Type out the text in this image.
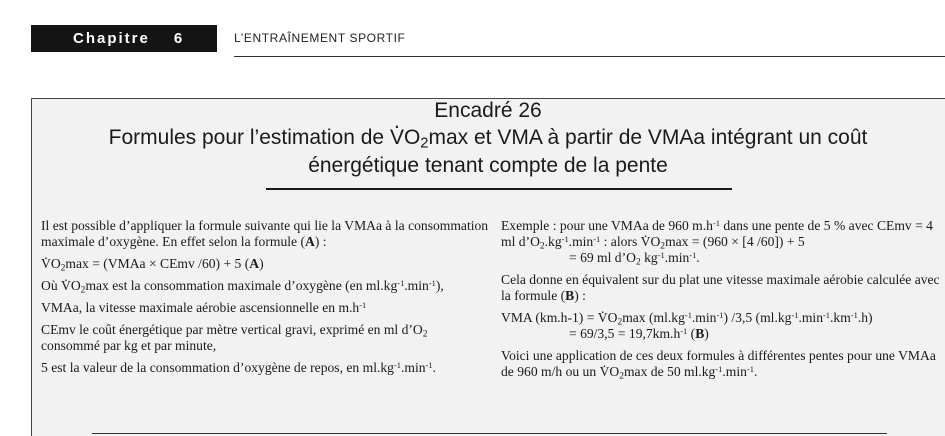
Chapitre 6	L’ENTRAÎNEMENT SPORTIF
Encadré 26
Formules pour l’estimation de . $VO_2\max$ et VMA à partir de VMAa intégrant un coût
énergétique tenant compte de la pente

Il est possible d’appliquer la formule suivante qui lie la VMAa à la consommation maximale d’oxygène. En effet selon la formule (A) :

. $VO_2\max$ = (VMAa × CEmv /60) + 5 (A)

Où . $VO_2\max$ est la consommation maximale d’oxygène (en $ml.kg^{-1}.\min^{-1}$),

VMAa, la vitesse maximale aérobie ascensionnelle en $m.h^{-1}$

CEmv le coût énergétique par mètre vertical gravi, exprimé en ml $d’O_2$ consommé par kg et par minute,

5 est la valeur de la consommation d’oxygène de repos, en $ml.kg^{-1}.\min^{-1}$.

Exemple : pour une VMAa de 960 $m.h^{-1}$ dans une pente de 5 % avec CEmv = 4 ml $d’O_2.kg^{-1}.\min^{-1}$ : alors . $VO_2\max = (960 \times [4$ /60]) + 5
= 69 ml $d’O_2$ $kg^{-1}.\min^{-1}$.

Cela donne en équivalent sur du plat une vitesse maximale aérobie calculée avec la formule (B) :

VMA (km.h-1) = . $VO_2\max$ $(ml.kg^{-1}.\min^{-1})$ /3,5 $(ml.kg^{-1}.\min^{-1}.km^{-1}.h)$
= $69/3,5 = 19,7km.h^{-1}$ (B)

Voici une application de ces deux formules à différentes pentes pour une VMAa de 960 m/h ou un . $VO_2\max$ de 50 $ml.kg^{-1}.\min^{-1}$.
